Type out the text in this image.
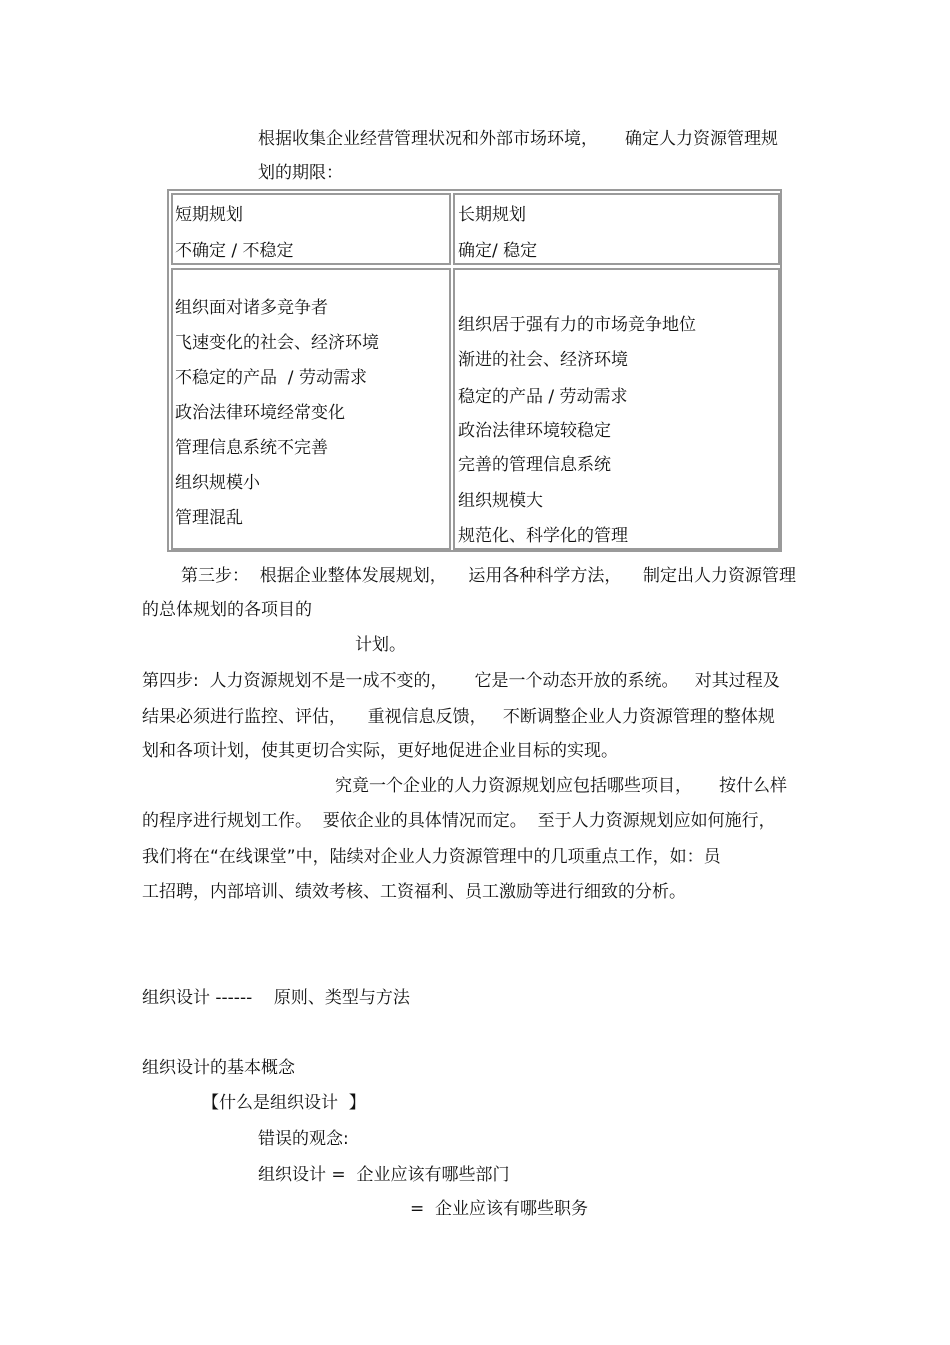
根据收集企业经营管理状况和外部市场环境，     确定人力资源管理规
划的期限：
短期规划
不确定 / 不稳定
长期规划
确定/ 稳定
组织面对诸多竞争者
飞速变化的社会、经济环境
不稳定的产品  / 劳动需求
政治法律环境经常变化
管理信息系统不完善
组织规模小
管理混乱
组织居于强有力的市场竞争地位
渐进的社会、经济环境
稳定的产品 / 劳动需求
政治法律环境较稳定
完善的管理信息系统
组织规模大
规范化、科学化的管理
第三步：  根据企业整体发展规划，    运用各种科学方法，    制定出人力资源管理
的总体规划的各项目的
计划。
第四步:  人力资源规划不是一成不变的，     它是一个动态开放的系统。   对其过程及
结果必须进行监控、评估，    重视信息反馈，   不断调整企业人力资源管理的整体规
划和各项计划，使其更切合实际，更好地促进企业目标的实现。
究竟一个企业的人力资源规划应包括哪些项目，     按什么样
的程序进行规划工作。  要依企业的具体情况而定。  至于人力资源规划应如何施行，
我们将在“在线课堂”中，陆续对企业人力资源管理中的几项重点工作，如：员
工招聘，内部培训、绩效考核、工资福利、员工激励等进行细致的分析。
组织设计 ------    原则、类型与方法
组织设计的基本概念
【什么是组织设计  】
错误的观念:
组织设计 =  企业应该有哪些部门
=  企业应该有哪些职务
